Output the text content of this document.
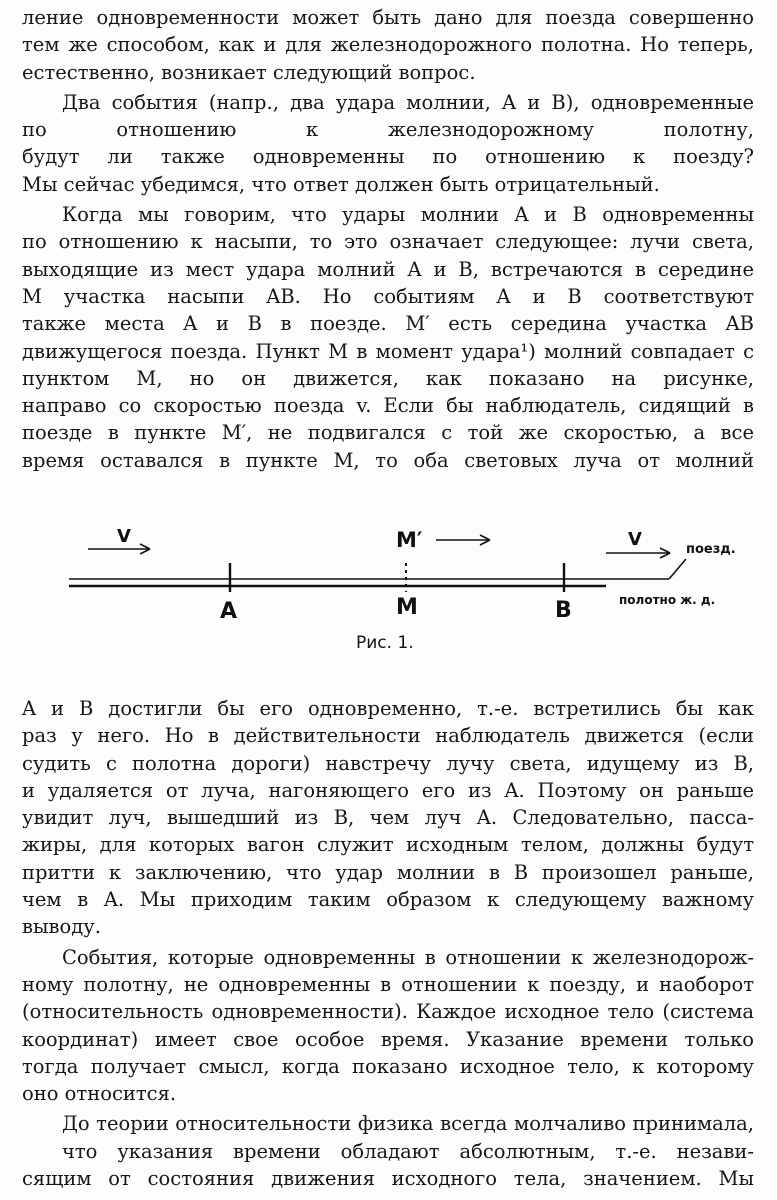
ление одновременности может быть дано для поезда совершенно
тем же способом, как и для железнодорожного полотна. Но теперь,
естественно, возникает следующий вопрос.

Два события (напр., два удара молнии, A и B), одновременные
по отношению к железнодорожному полотну,
будут ли также одновременны по отношению к поезду?
Мы сейчас убедимся, что ответ должен быть отрицательный.

Когда мы говорим, что удары молнии A и B одновременны
по отношению к насыпи, то это означает следующее: лучи света,
выходящие из мест удара молний A и B, встречаются в середине
M участка насыпи AB. Но событиям A и B соответствуют
также места A и B в поезде. M′ есть середина участка AB
движущегося поезда. Пункт M в момент удара¹) молний совпадает с пунктом M, но он движется, как показано на рисунке,
направо со скоростью поезда v. Если бы наблюдатель, сидящий в
поезде в пункте M′, не подвигался с той же скоростью, а все
время оставался в пункте M, то оба световых луча от молний

V	M′	V	поезд.
A	M	B	полотно ж. д.
Рис. 1.

A и B достигли бы его одновременно, т.-е. встретились бы как
раз у него. Но в действительности наблюдатель движется (если
судить с полотна дороги) навстречу лучу света, идущему из B,
и удаляется от луча, нагоняющего его из A. Поэтому он раньше
увидит луч, вышедший из B, чем луч A. Следовательно, пасса-
жиры, для которых вагон служит исходным телом, должны будут
притти к заключению, что удар молнии в B произошел раньше,
чем в A. Мы приходим таким образом к следующему важному
выводу.

События, которые одновременны в отношении к железнодорож-
ному полотну, не одновременны в отношении к поезду, и наоборот
(относительность одновременности). Каждое исходное тело (система
координат) имеет свое особое время. Указание времени только
тогда получает смысл, когда показано исходное тело, к которому
оно относится.

До теории относительности физика всегда молчаливо принимала, что указания времени обладают абсолютным, т.-е. незави-
сящим от состояния движения исходного тела, значением. Мы
